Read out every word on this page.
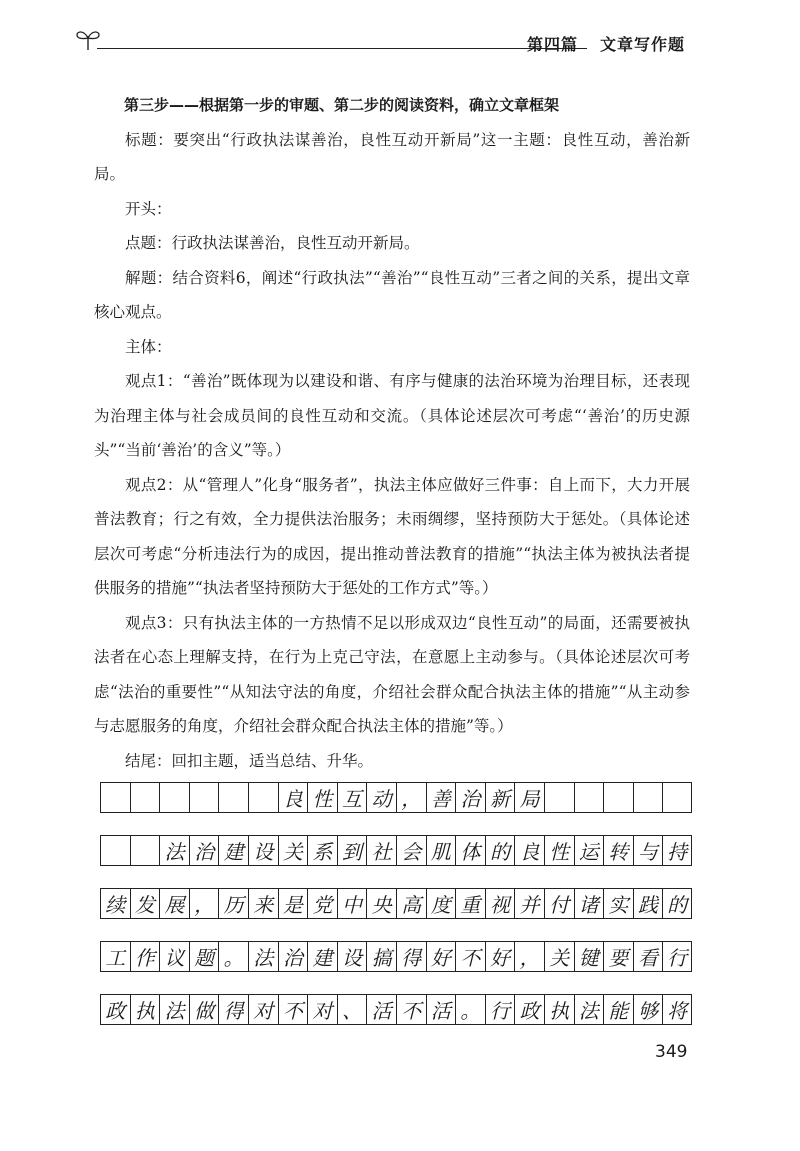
第四篇 文章写作题

第三步——根据第一步的审题、第二步的阅读资料，确立文章框架

标题：要突出“行政执法谋善治，良性互动开新局”这一主题：良性互动，善治新局。

开头：

点题：行政执法谋善治，良性互动开新局。

解题：结合资料6，阐述“行政执法”“善治”“良性互动”三者之间的关系，提出文章核心观点。

主体：

观点1：“善治”既体现为以建设和谐、有序与健康的法治环境为治理目标，还表现为治理主体与社会成员间的良性互动和交流。（具体论述层次可考虑“‘善治’的历史源头”“当前‘善治’的含义”等。）

观点2：从“管理人”化身“服务者”，执法主体应做好三件事：自上而下，大力开展普法教育；行之有效，全力提供法治服务；未雨绸缪，坚持预防大于惩处。（具体论述层次可考虑“分析违法行为的成因，提出推动普法教育的措施”“执法主体为被执法者提供服务的措施”“执法者坚持预防大于惩处的工作方式”等。）

观点3：只有执法主体的一方热情不足以形成双边“良性互动”的局面，还需要被执法者在心态上理解支持，在行为上克己守法，在意愿上主动参与。（具体论述层次可考虑“法治的重要性”“从知法守法的角度，介绍社会群众配合执法主体的措施”“从主动参与志愿服务的角度，介绍社会群众配合执法主体的措施”等。）

结尾：回扣主题，适当总结、升华。

良 性 互 动 ， 善 治 新 局
法 治 建 设 关 系 到 社 会 肌 体 的 良 性 运 转 与 持
续 发 展 ， 历 来 是 党 中 央 高 度 重 视 并 付 诸 实 践 的
工 作 议 题 。 法 治 建 设 搞 得 好 不 好 ， 关 键 要 看 行
政 执 法 做 得 对 不 对 、 活 不 活 。 行 政 执 法 能 够 将
349
